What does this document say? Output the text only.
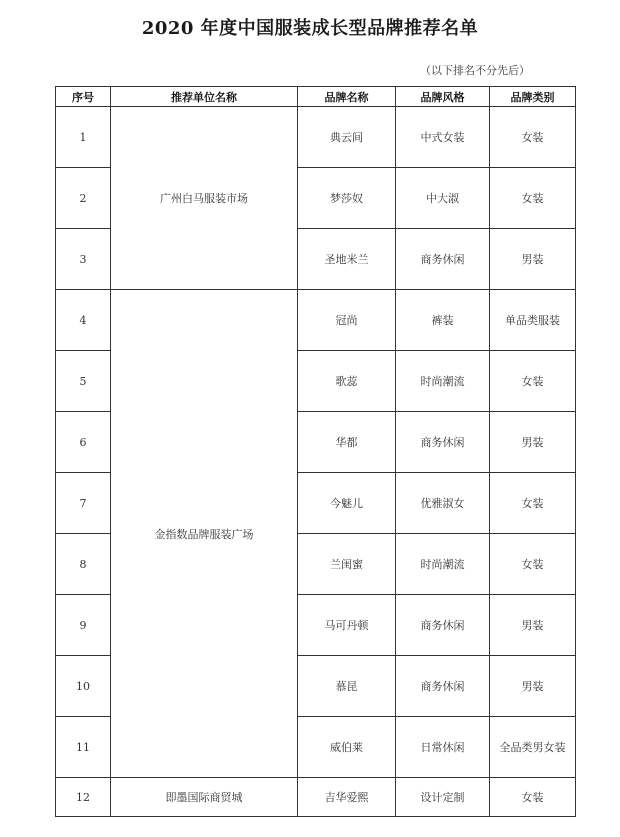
2020 年度中国服装成长型品牌推荐名单
（以下排名不分先后）
序号	推荐单位名称	品牌名称	品牌风格	品牌类别
1	广州白马服装市场	典云间	中式女装	女装
2		梦莎奴	中大淑	女装
3		圣地米兰	商务休闲	男装
4	金指数品牌服装广场	冠尚	裤装	单品类服装
5		歌蕊	时尚潮流	女装
6		华都	商务休闲	男装
7		今魅儿	优雅淑女	女装
8		兰闺蜜	时尚潮流	女装
9		马可丹顿	商务休闲	男装
10		慕昆	商务休闲	男装
11		威伯莱	日常休闲	全品类男女装
12	即墨国际商贸城	吉华爱熙	设计定制	女装
